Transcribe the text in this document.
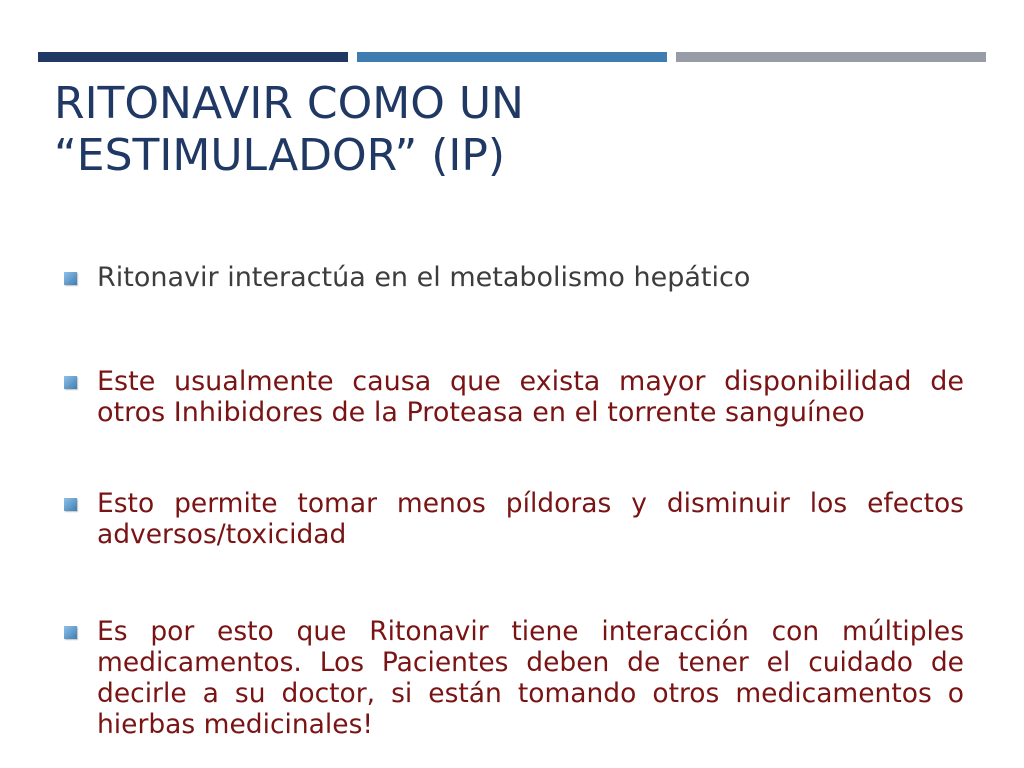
RITONAVIR COMO UN
“ESTIMULADOR” (IP)
Ritonavir interactúa en el metabolismo hepático
Este usualmente causa que exista mayor disponibilidad de otros Inhibidores de la Proteasa en el torrente sanguíneo
Esto permite tomar menos píldoras y disminuir los efectos adversos/toxicidad
Es por esto que Ritonavir tiene interacción con múltiples medicamentos. Los Pacientes deben de tener el cuidado de decirle a su doctor, si están tomando otros medicamentos o hierbas medicinales!
